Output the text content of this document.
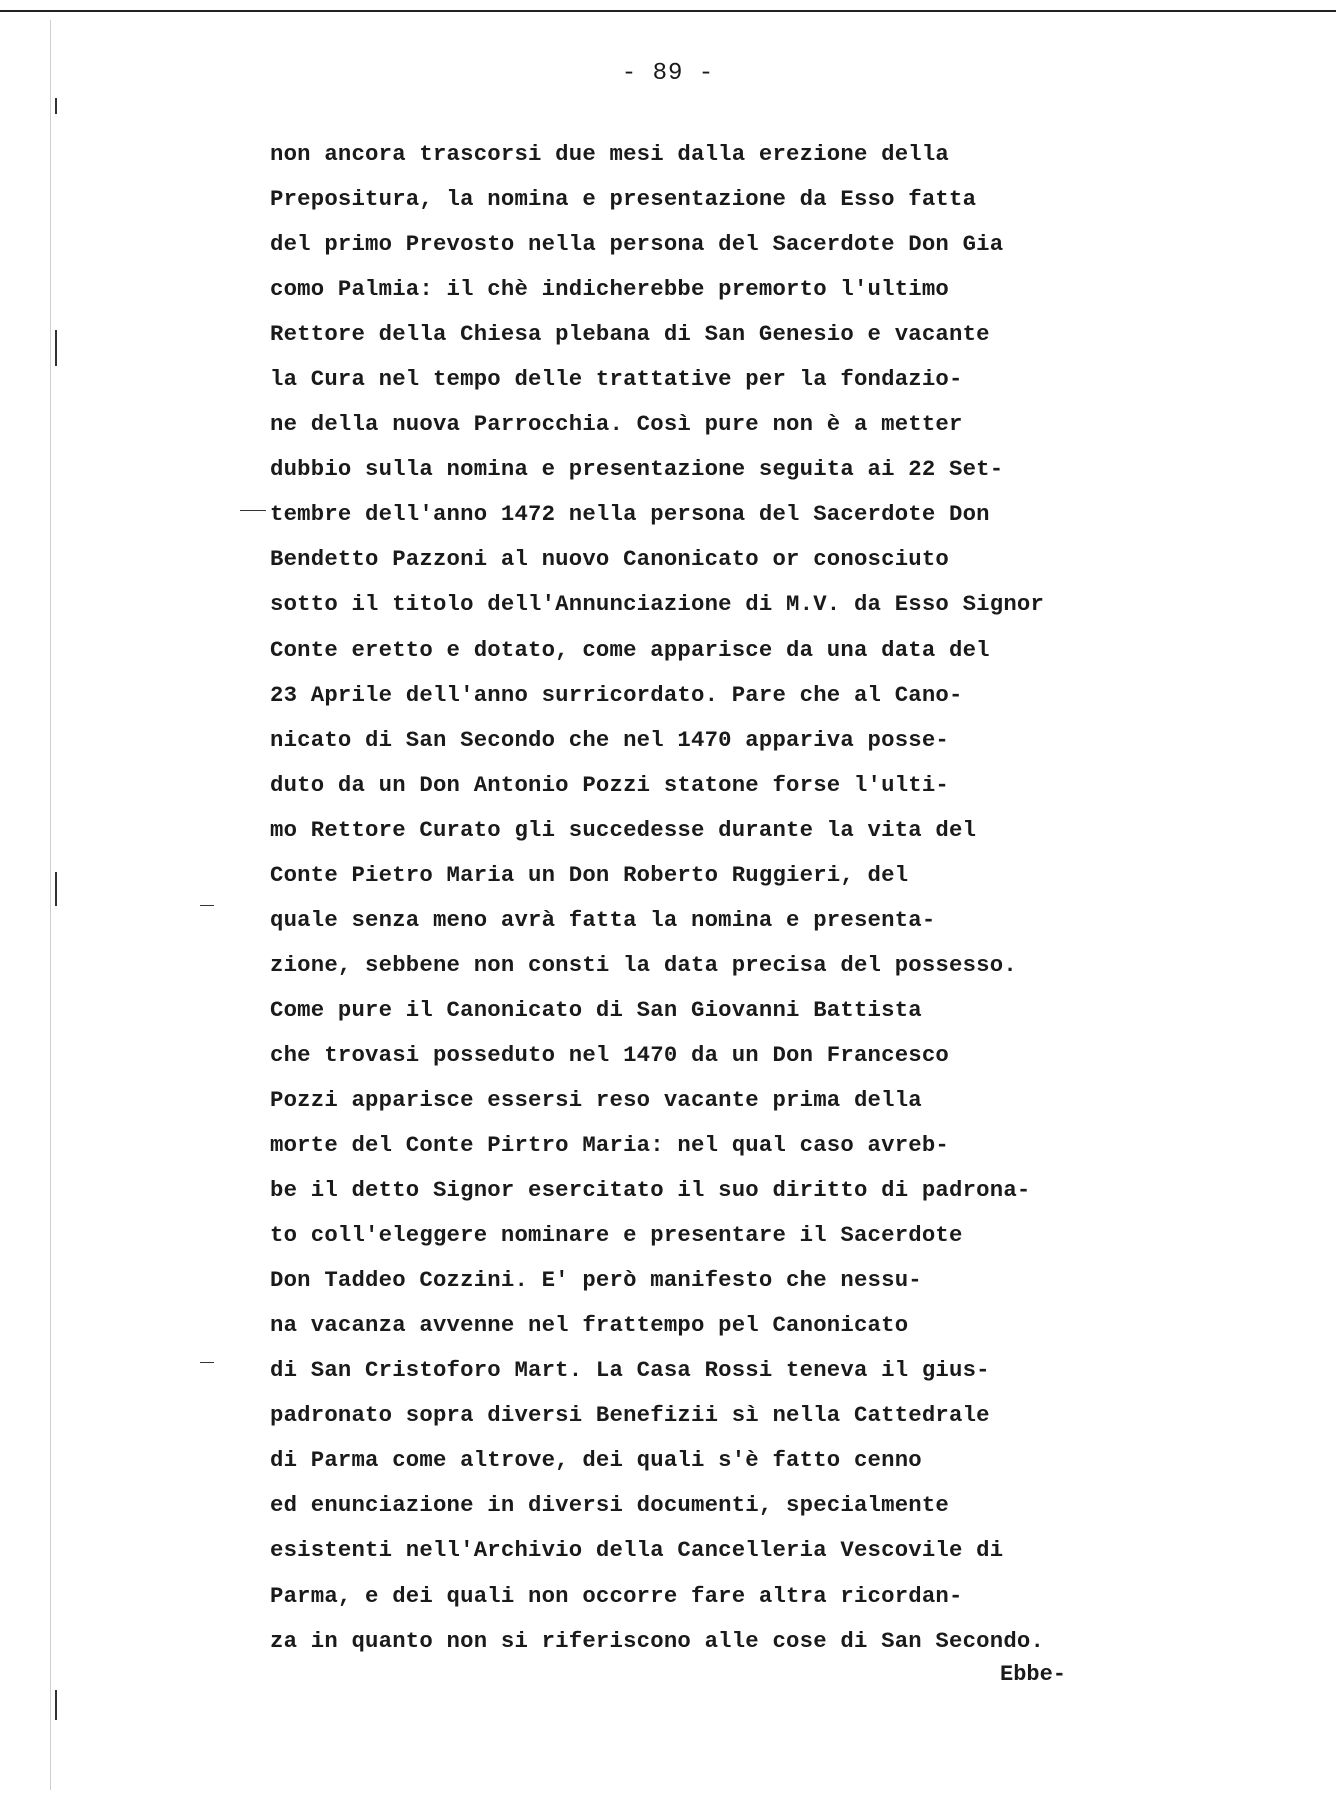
- 89 -
non ancora trascorsi due mesi dalla erezione della
Prepositura, la nomina e presentazione da Esso fatta
del primo Prevosto nella persona del Sacerdote Don Gia
como Palmia: il chè indicherebbe premorto l'ultimo
Rettore della Chiesa plebana di San Genesio e vacante
la Cura nel tempo delle trattative per la fondazio-
ne della nuova Parrocchia. Così pure non è a metter
dubbio sulla nomina e presentazione seguita ai 22 Set-
tembre dell'anno 1472 nella persona del Sacerdote Don
Bendetto Pazzoni al nuovo Canonicato or conosciuto
sotto il titolo dell'Annunciazione di M.V. da Esso Signor
Conte eretto e dotato, come apparisce da una data del
23 Aprile dell'anno surricordato. Pare che al Cano-
nicato di San Secondo che nel 1470 appariva posse-
duto da un Don Antonio Pozzi statone forse l'ulti-
mo Rettore Curato gli succedesse durante la vita del
Conte Pietro Maria un Don Roberto Ruggieri, del
quale senza meno avrà fatta la nomina e presenta-
zione, sebbene non consti la data precisa del possesso.
Come pure il Canonicato di San Giovanni Battista
che trovasi posseduto nel 1470 da un Don Francesco
Pozzi apparisce essersi reso vacante prima della
morte del Conte Pirtro Maria: nel qual caso avreb-
be il detto Signor esercitato il suo diritto di padrona-
to coll'eleggere nominare e presentare il Sacerdote
Don Taddeo Cozzini. E' però manifesto che nessu-
na vacanza avvenne nel frattempo pel Canonicato
di San Cristoforo Mart. La Casa Rossi teneva il gius-
padronato sopra diversi Benefizii sì nella Cattedrale
di Parma come altrove, dei quali s'è fatto cenno
ed enunciazione in diversi documenti, specialmente
esistenti nell'Archivio della Cancelleria Vescovile di
Parma, e dei quali non occorre fare altra ricordan-
za in quanto non si riferiscono alle cose di San Secondo.
Ebbe-
